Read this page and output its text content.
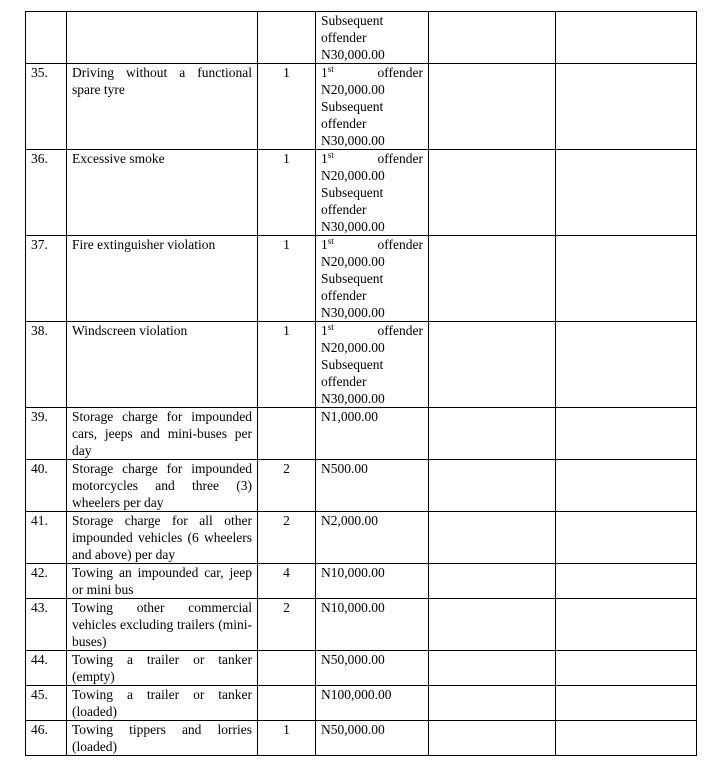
			Subsequent offender
N30,000.00		

35.	Driving without a functional spare tyre	1	1st offender
N20,000.00
Subsequent offender
N30,000.00		

36.	Excessive smoke	1	1st offender
N20,000.00
Subsequent offender
N30,000.00		

37.	Fire extinguisher violation	1	1st offender
N20,000.00
Subsequent offender
N30,000.00		

38.	Windscreen violation	1	1st offender
N20,000.00
Subsequent offender
N30,000.00		

39.	Storage charge for impounded cars, jeeps and mini-buses per day		N1,000.00		

40.	Storage charge for impounded motorcycles and three (3) wheelers per day	2	N500.00		

41.	Storage charge for all other impounded vehicles (6 wheelers and above) per day	2	N2,000.00		

42.	Towing an impounded car, jeep or mini bus	4	N10,000.00		

43.	Towing other commercial vehicles excluding trailers (mini-buses)	2	N10,000.00		

44.	Towing a trailer or tanker (empty)		N50,000.00		

45.	Towing a trailer or tanker (loaded)		N100,000.00		

46.	Towing tippers and lorries (loaded)	1	N50,000.00		
